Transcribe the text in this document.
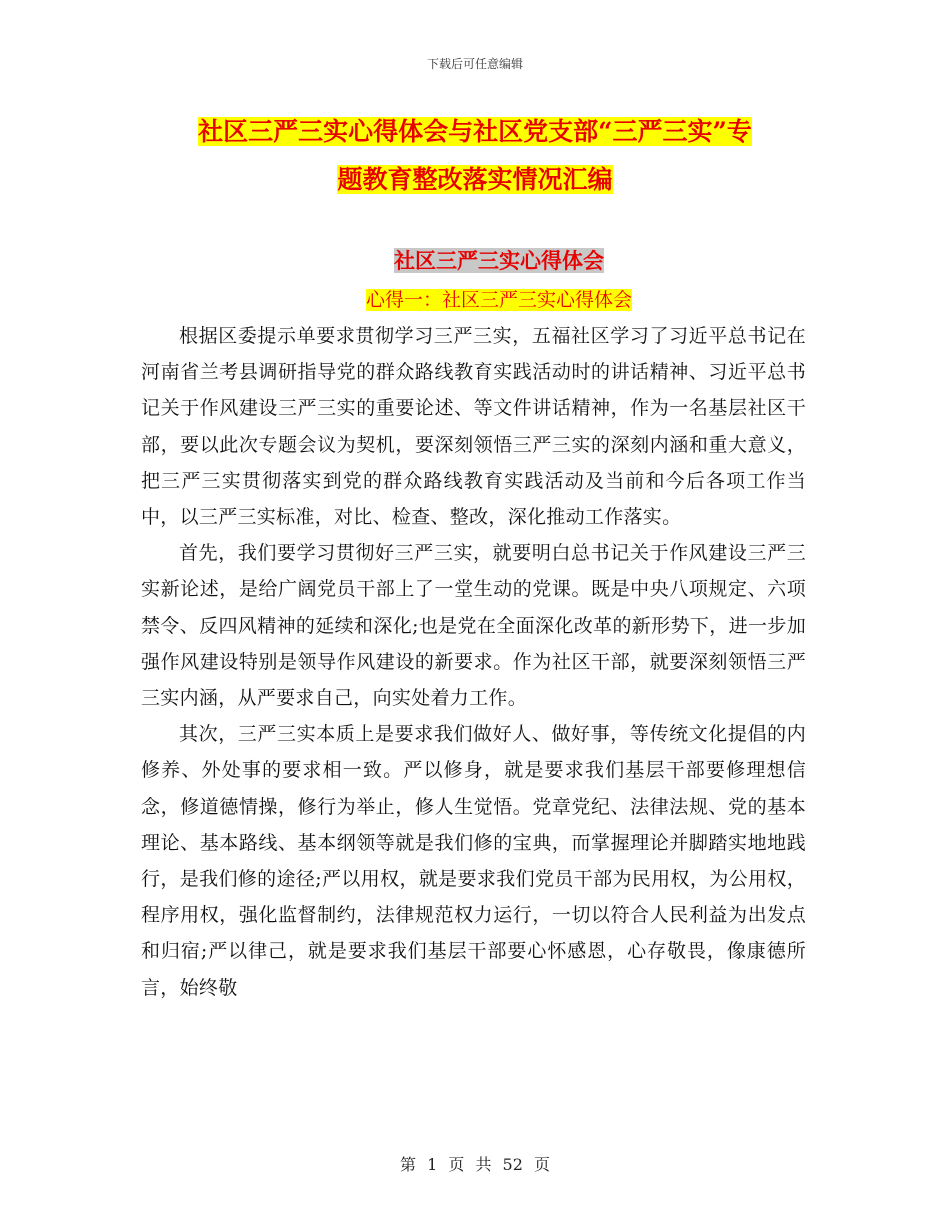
下载后可任意编辑
社区三严三实心得体会与社区党支部“三严三实”专
题教育整改落实情况汇编
社区三严三实心得体会
心得一：社区三严三实心得体会

根据区委提示单要求贯彻学习三严三实，五福社区学习了习近平总书记在河南省兰考县调研指导党的群众路线教育实践活动时的讲话精神、习近平总书记关于作风建设三严三实的重要论述、等文件讲话精神，作为一名基层社区干部，要以此次专题会议为契机，要深刻领悟三严三实的深刻内涵和重大意义，把三严三实贯彻落实到党的群众路线教育实践活动及当前和今后各项工作当中，以三严三实标准，对比、检查、整改，深化推动工作落实。

首先，我们要学习贯彻好三严三实，就要明白总书记关于作风建设三严三实新论述，是给广阔党员干部上了一堂生动的党课。既是中央八项规定、六项禁令、反四风精神的延续和深化;也是党在全面深化改革的新形势下，进一步加强作风建设特别是领导作风建设的新要求。作为社区干部，就要深刻领悟三严三实内涵，从严要求自己，向实处着力工作。

其次，三严三实本质上是要求我们做好人、做好事，等传统文化提倡的内修养、外处事的要求相一致。严以修身，就是要求我们基层干部要修理想信念，修道德情操，修行为举止，修人生觉悟。党章党纪、法律法规、党的基本理论、基本路线、基本纲领等就是我们修的宝典，而掌握理论并脚踏实地地践行，是我们修的途径;严以用权，就是要求我们党员干部为民用权，为公用权，程序用权，强化监督制约，法律规范权力运行，一切以符合人民利益为出发点和归宿;严以律己，就是要求我们基层干部要心怀感恩，心存敬畏，像康德所言，始终敬

第 1 页 共 52 页
